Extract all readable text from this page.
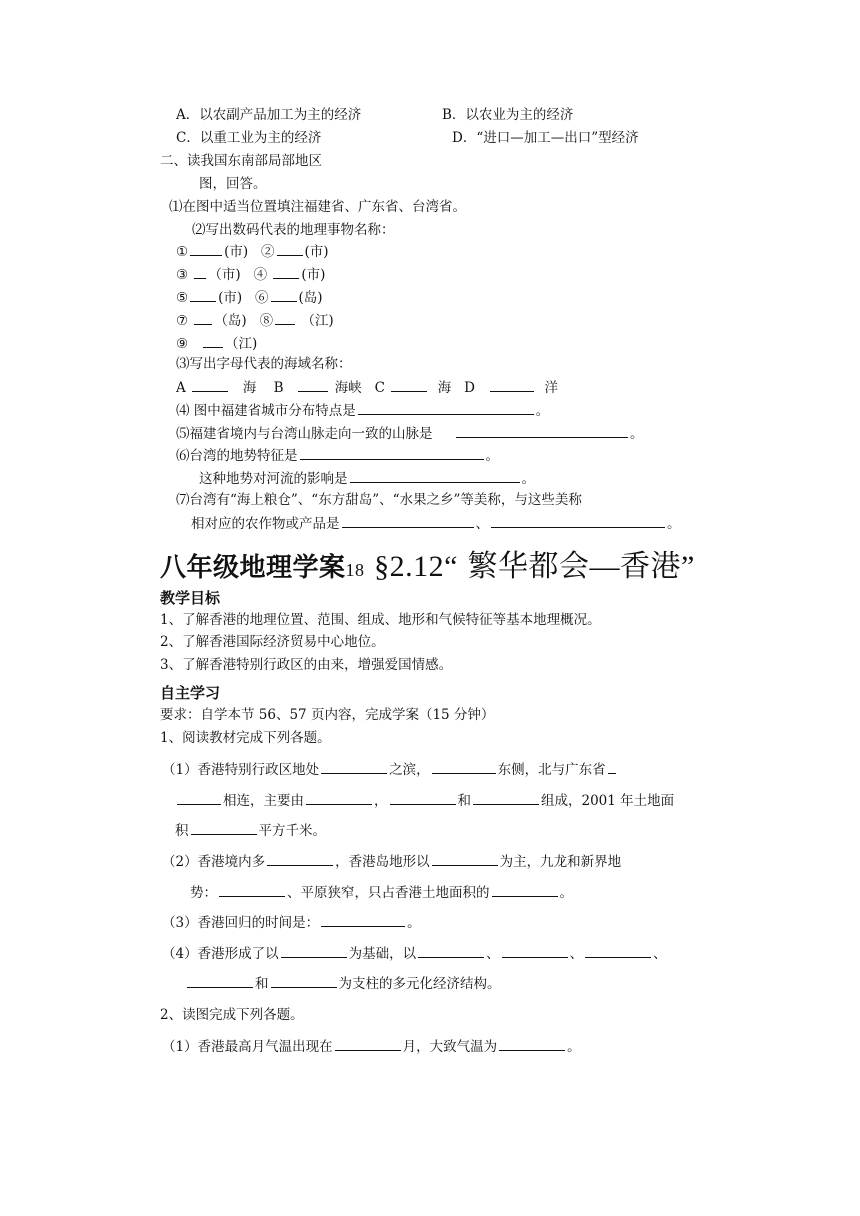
A．以农副产品加工为主的经济	B．以农业为主的经济
C．以重工业为主的经济	D．“进口—加工—出口”型经济
二、读我国东南部局部地区
图，回答。
⑴在图中适当位置填注福建省、广东省、台湾省。
⑵写出数码代表的地理事物名称：
①	(市) ② (市)
③ （市) ④	(市)
⑤ (市) ⑥ (岛)
⑦ （岛) ⑧ （江)
⑨	（江)
⑶写出字母代表的海域名称：
A	海 B	海峡 C	海 D	洋
⑷ 图中福建省城市分布特点是	。
⑸福建省境内与台湾山脉走向一致的山脉是	。
⑹台湾的地势特征是	。
这种地势对河流的影响是	。
⑺台湾有“海上粮仓”、“东方甜岛”、“水果之乡”等美称，与这些美称
相对应的农作物或产品是	、	。
八年级地理学案18 §2.12“ 繁华都会—香港”
教学目标
1、了解香港的地理位置、范围、组成、地形和气候特征等基本地理概况。
2、了解香港国际经济贸易中心地位。
3、了解香港特别行政区的由来，增强爱国情感。
自主学习
要求：自学本节 56、57 页内容，完成学案（15 分钟）
1、阅读教材完成下列各题。
（1）香港特别行政区地处	之滨，	东侧，北与广东省
相连，主要由	，	和	组成，2001 年土地面
积	平方千米。
（2）香港境内多	，香港岛地形以	为主，九龙和新界地
势：	、平原狭窄，只占香港土地面积的	。
（3）香港回归的时间是：	。
（4）香港形成了以	为基础，以	、	、	、
和	为支柱的多元化经济结构。
2、读图完成下列各题。
（1）香港最高月气温出现在	月，大致气温为	。
